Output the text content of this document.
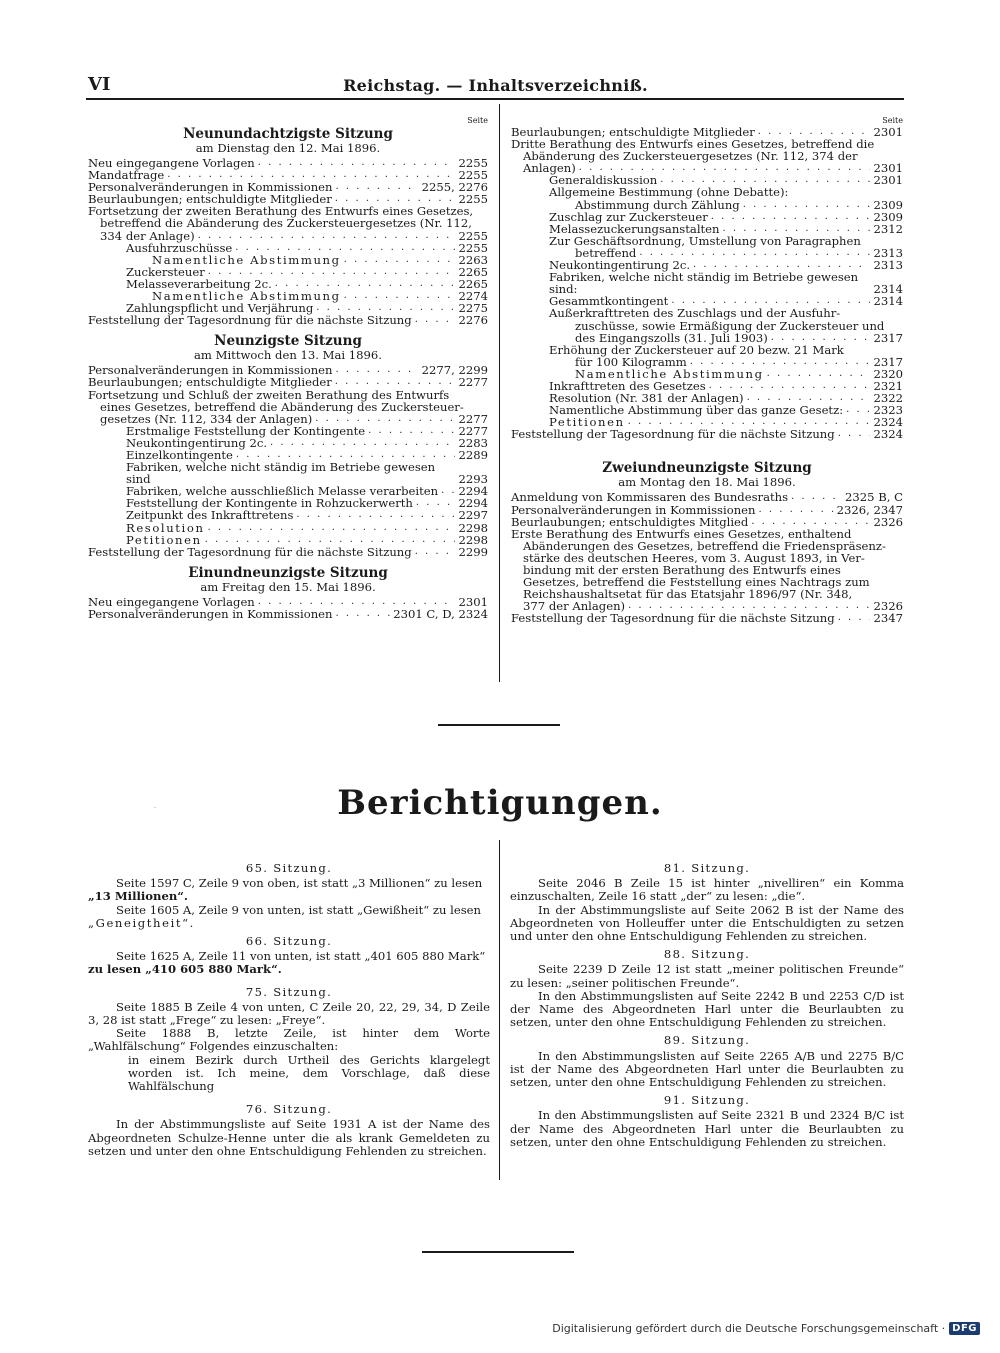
VI	Reichstag. — Inhaltsverzeichniß.
Seite
Neunundachtzigste Sitzung
am Dienstag den 12. Mai 1896.
Neu eingegangene Vorlagen . . .	2255
Mandatfrage . . .	2255
Personalveränderungen in Kommissionen . . .	2255, 2276
Beurlaubungen; entschuldigte Mitglieder . . .	2255
Fortsetzung der zweiten Berathung des Entwurfs eines Gesetzes,
betreffend die Abänderung des Zuckersteuergesetzes (Nr. 112,
334 der Anlage) . . .	2255
Ausfuhrzuschüsse . . .	2255
Namentliche Abstimmung . . .	2263
Zuckersteuer . . .	2265
Melasseverarbeitung 2c. . . .	2265
Namentliche Abstimmung . . .	2274
Zahlungspflicht und Verjährung . . .	2275
Feststellung der Tagesordnung für die nächste Sitzung . . .	2276
Neunzigste Sitzung
am Mittwoch den 13. Mai 1896.
Personalveränderungen in Kommissionen . . .	2277, 2299
Beurlaubungen; entschuldigte Mitglieder . . .	2277
Fortsetzung und Schluß der zweiten Berathung des Entwurfs
eines Gesetzes, betreffend die Abänderung des Zuckersteuer-
gesetzes (Nr. 112, 334 der Anlagen) . . .	2277
Erstmalige Feststellung der Kontingente . . .	2277
Neukontingentirung 2c. . . .	2283
Einzelkontingente . . .	2289
Fabriken, welche nicht ständig im Betriebe gewesen sind	2293
Fabriken, welche ausschließlich Melasse verarbeiten . . . 2294
Feststellung der Kontingente in Rohzuckerwerth . . .	2294
Zeitpunkt des Inkrafttretens . . .	2297
Resolution . . .	2298
Petitionen . . .	2298
Feststellung der Tagesordnung für die nächste Sitzung . . .	2299
Einundneunzigste Sitzung
am Freitag den 15. Mai 1896.
Neu eingegangene Vorlagen . . .	2301
Personalveränderungen in Kommissionen . . .	2301 C, D, 2324
Seite
Beurlaubungen; entschuldigte Mitglieder . . .	2301
Dritte Berathung des Entwurfs eines Gesetzes, betreffend die
Abänderung des Zuckersteuergesetzes (Nr. 112, 374 der
Anlagen) . . .	2301
Generaldiskussion . . .	2301
Allgemeine Bestimmung (ohne Debatte):
Abstimmung durch Zählung . . .	2309
Zuschlag zur Zuckersteuer . . .	2309
Melassezuckerungsanstalten . . .	2312
Zur Geschäftsordnung, Umstellung von Paragraphen
betreffend . . .	2313
Neukontingentirung 2c. . . .	2313
Fabriken, welche nicht ständig im Betriebe gewesen sind:	2314
Gesammtkontingent . . .	2314
Außerkrafttreten des Zuschlags und der Ausfuhr-
zuschüsse, sowie Ermäßigung der Zuckersteuer und
des Eingangszolls (31. Juli 1903) . . .	2317
Erhöhung der Zuckersteuer auf 20 bezw. 21 Mark
für 100 Kilogramm . . .	2317
Namentliche Abstimmung . . .	2320
Inkrafttreten des Gesetzes . . .	2321
Resolution (Nr. 381 der Anlagen) . . .	2322
Namentliche Abstimmung über das ganze Gesetz: . . .	2323
Petitionen . . .	2324
Feststellung der Tagesordnung für die nächste Sitzung . . .	2324
Zweiundneunzigste Sitzung
am Montag den 18. Mai 1896.
Anmeldung von Kommissaren des Bundesraths . . .	2325 B, C
Personalveränderungen in Kommissionen . . .	2326, 2347
Beurlaubungen; entschuldigtes Mitglied . . .	2326
Erste Berathung des Entwurfs eines Gesetzes, enthaltend
Abänderungen des Gesetzes, betreffend die Friedenspräsenz-
stärke des deutschen Heeres, vom 3. August 1893, in Ver-
bindung mit der ersten Berathung des Entwurfs eines
Gesetzes, betreffend die Feststellung eines Nachtrags zum
Reichshaushaltsetat für das Etatsjahr 1896/97 (Nr. 348,
377 der Anlagen) . . .	2326
Feststellung der Tagesordnung für die nächste Sitzung . . .	2347
Berichtigungen.
·
65. Sitzung.

Seite 1597 C, Zeile 9 von oben, ist statt „3 Millionen“ zu lesen

„13 Millionen“.

Seite 1605 A, Zeile 9 von unten, ist statt „Gewißheit“ zu lesen

„Geneigtheit“.
66. Sitzung.

Seite 1625 A, Zeile 11 von unten, ist statt „401 605 880 Mark“

zu lesen „410 605 880 Mark“.
75. Sitzung.

Seite 1885 B Zeile 4 von unten, C Zeile 20, 22, 29, 34, D Zeile 3, 28 ist statt „Frege“ zu lesen: „Freye“.

Seite 1888 B, letzte Zeile, ist hinter dem Worte „Wahlfälschung“ Folgendes einzuschalten:

in einem Bezirk durch Urtheil des Gerichts klargelegt worden ist. Ich meine, dem Vorschlage, daß diese Wahlfälschung

76. Sitzung.

In der Abstimmungsliste auf Seite 1931 A ist der Name des Abgeordneten Schulze-Henne unter die als krank Gemeldeten zu setzen und unter den ohne Entschuldigung Fehlenden zu streichen.

81. Sitzung.

Seite 2046 B Zeile 15 ist hinter „nivelliren“ ein Komma einzuschalten, Zeile 16 statt „der“ zu lesen: „die“.

In der Abstimmungsliste auf Seite 2062 B ist der Name des Abgeordneten von Holleuffer unter die Entschuldigten zu setzen und unter den ohne Entschuldigung Fehlenden zu streichen.

88. Sitzung.

Seite 2239 D Zeile 12 ist statt „meiner politischen Freunde“ zu lesen: „seiner politischen Freunde“.

In den Abstimmungslisten auf Seite 2242 B und 2253 C/D ist der Name des Abgeordneten Harl unter die Beurlaubten zu setzen, unter den ohne Entschuldigung Fehlenden zu streichen.

89. Sitzung.

In den Abstimmungslisten auf Seite 2265 A/B und 2275 B/C ist der Name des Abgeordneten Harl unter die Beurlaubten zu setzen, unter den ohne Entschuldigung Fehlenden zu streichen.

91. Sitzung.

In den Abstimmungslisten auf Seite 2321 B und 2324 B/C ist der Name des Abgeordneten Harl unter die Beurlaubten zu setzen, unter den ohne Entschuldigung Fehlenden zu streichen.

Digitalisierung gefördert durch die Deutsche Forschungsgemeinschaft · DFG
